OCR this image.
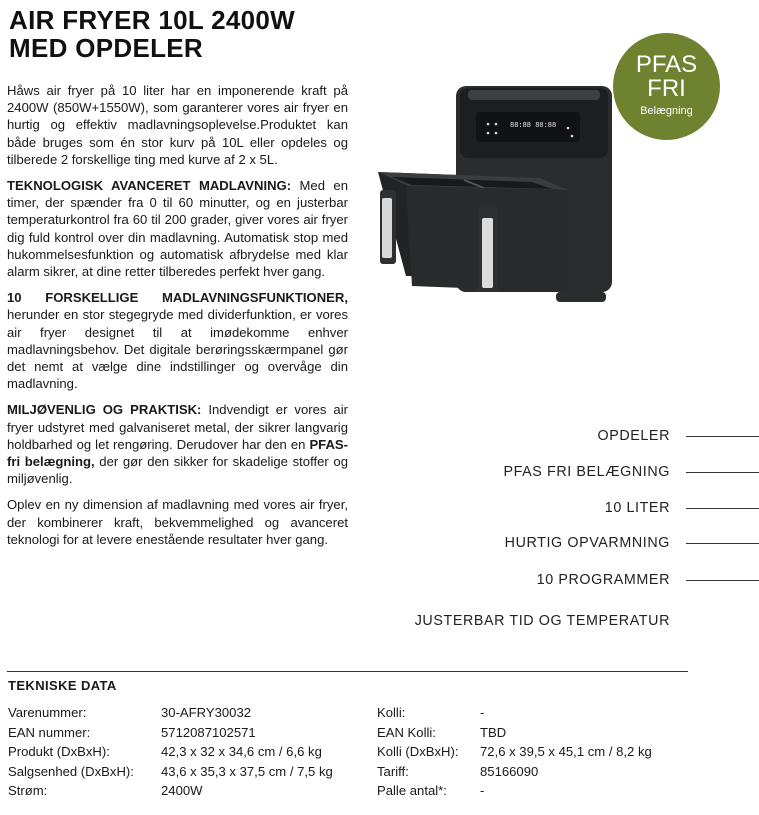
AIR FRYER 10L 2400W
MED OPDELER

Håws air fryer på 10 liter har en imponerende kraft på 2400W (850W+1550W), som garanterer vores air fryer en hurtig og effektiv madlavningsoplevelse.Produktet kan både bruges som én stor kurv på 10L eller opdeles og tilberede 2 forskellige ting med kurve af 2 x 5L.

TEKNOLOGISK AVANCERET MADLAVNING: Med en timer, der spænder fra 0 til 60 minutter, og en justerbar temperaturkontrol fra 60 til 200 grader, giver vores air fryer dig fuld kontrol over din madlavning. Automatisk stop med hukommelsesfunktion og automatisk afbrydelse med klar alarm sikrer, at dine retter tilberedes perfekt hver gang.

10 FORSKELLIGE MADLAVNINGSFUNKTIONER, herunder en stor stegegryde med dividerfunktion, er vores air fryer designet til at imødekomme enhver madlavningsbehov. Det digitale berøringsskærmpanel gør det nemt at vælge dine indstillinger og overvåge din madlavning.

MILJØVENLIG OG PRAKTISK: Indvendigt er vores air fryer udstyret med galvaniseret metal, der sikrer langvarig holdbarhed og let rengøring. Derudover har den en PFAS-fri belægning, der gør den sikker for skadelige stoffer og miljøvenlig.

Oplev en ny dimension af madlavning med vores air fryer, der kombinerer kraft, bekvemmelighed og avanceret teknologi for at levere enestående resultater hver gang.

88:88 88:88
PFAS
FRI
Belægning
OPDELER
PFAS FRI BELÆGNING
10 LITER
HURTIG OPVARMNING
10 PROGRAMMER
JUSTERBAR TID OG TEMPERATUR
TEKNISKE DATA
Varenummer:	30-AFRY30032
EAN nummer:	5712087102571
Produkt (DxBxH):	42,3 x 32 x 34,6 cm / 6,6 kg
Salgsenhed (DxBxH): 43,6 x 35,3 x 37,5 cm / 7,5 kg
Strøm:	2400W
Kolli:	-
EAN Kolli:	TBD
Kolli (DxBxH): 72,6 x 39,5 x 45,1 cm / 8,2 kg
Tariff:	85166090
Palle antal*:	-
